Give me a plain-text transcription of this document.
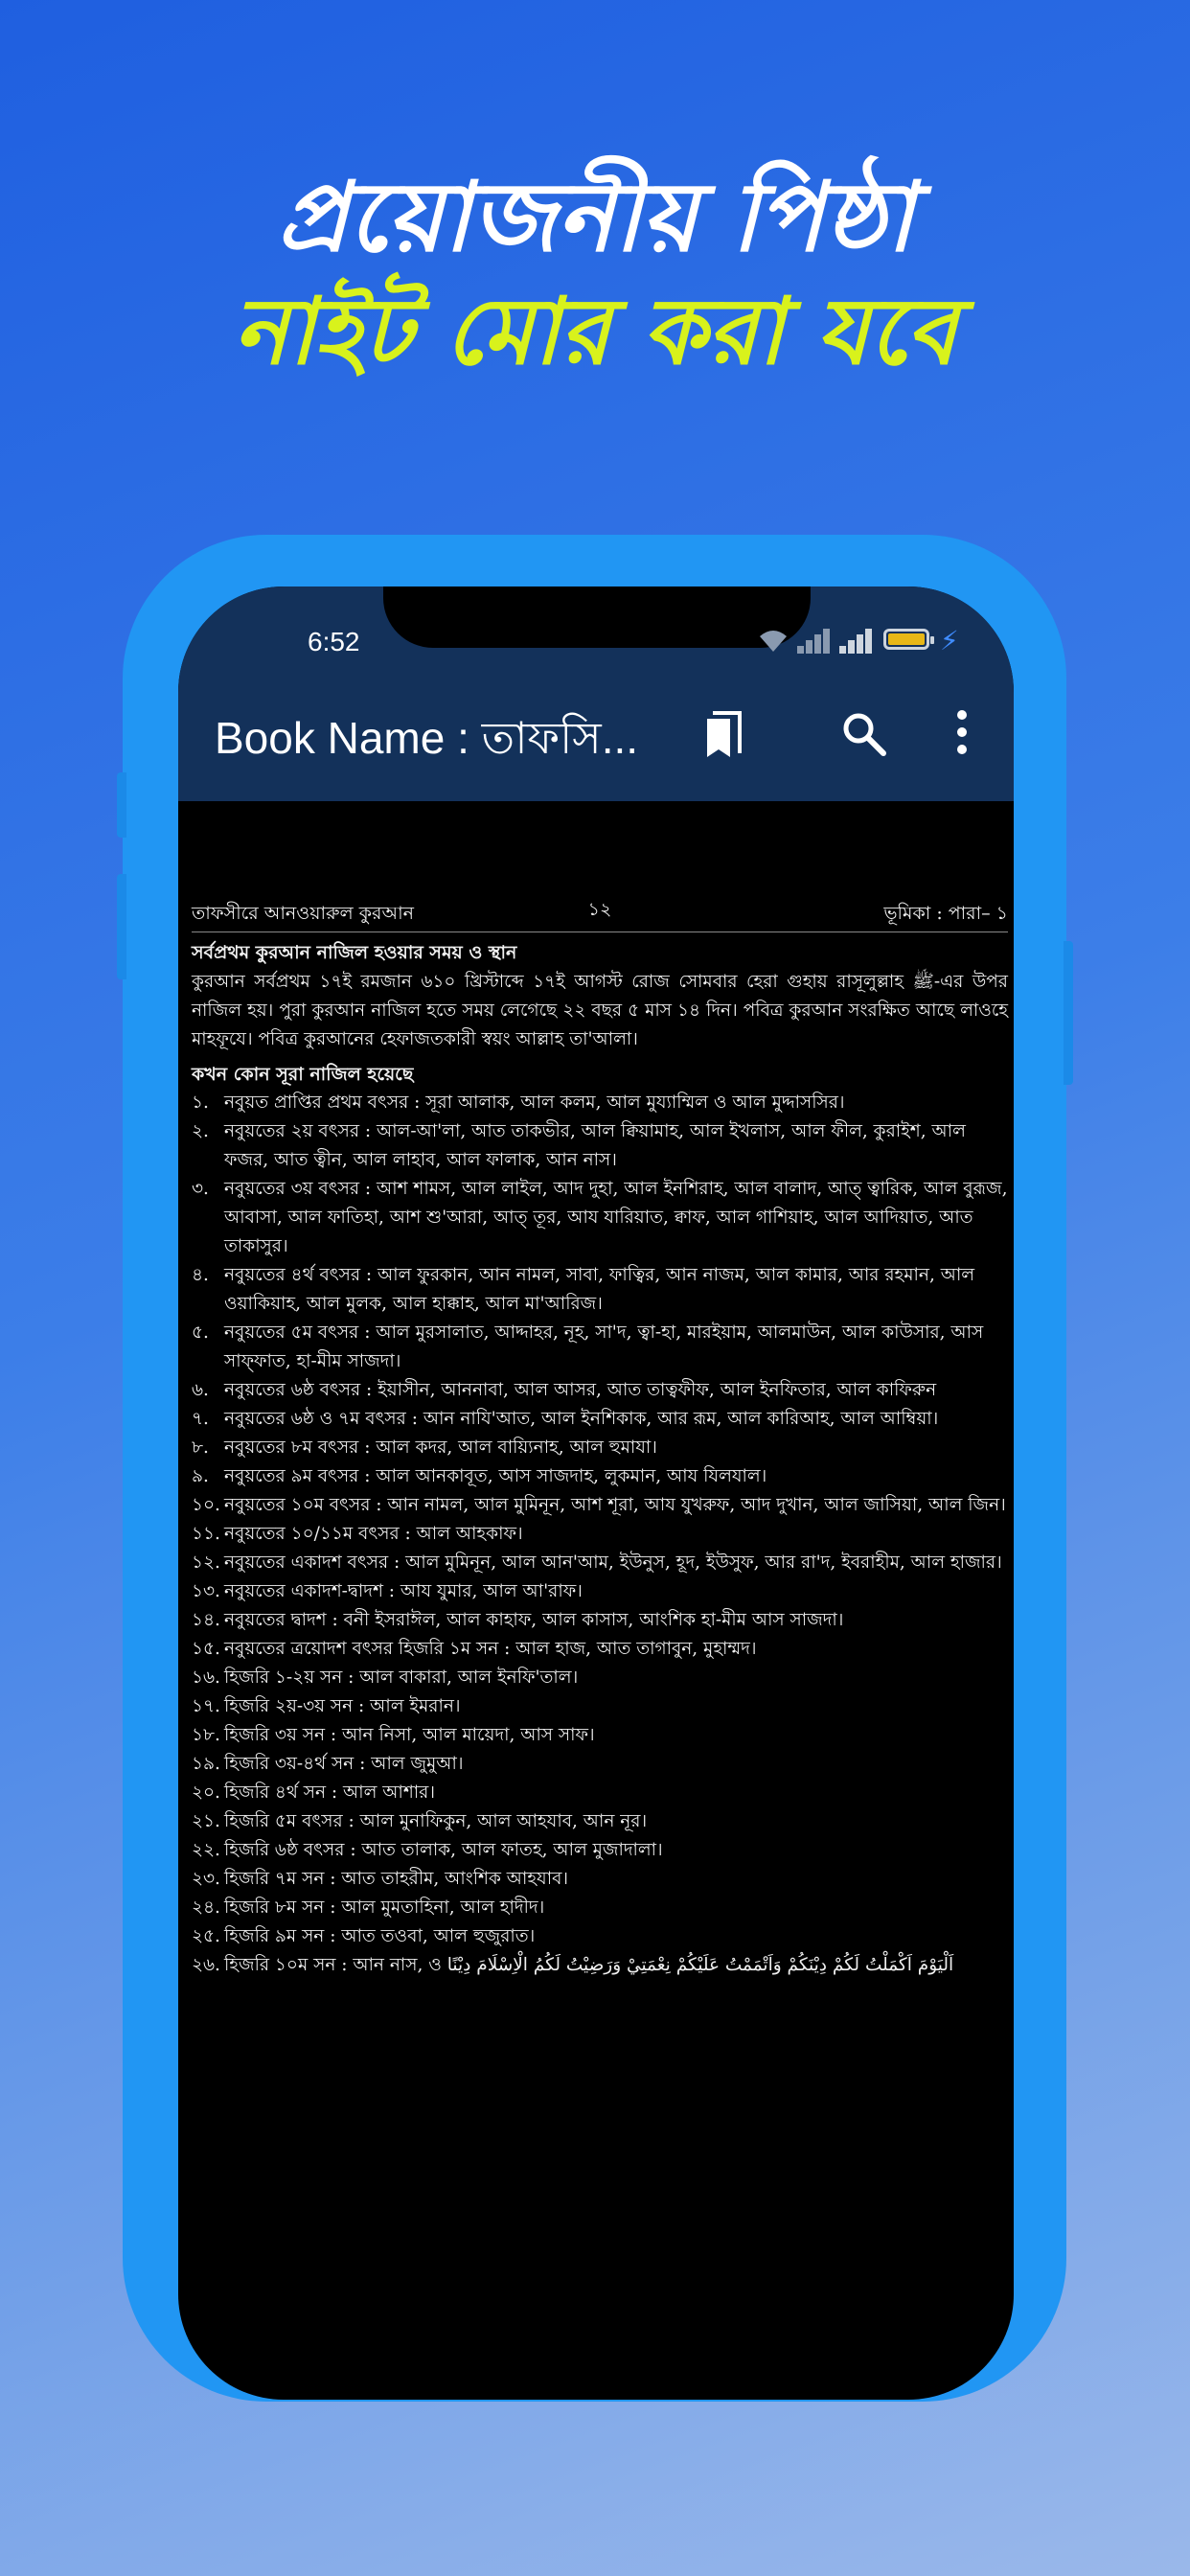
প্রয়োজনীয় পিষ্ঠা
নাইট মোর করা যবে
6:52	⚡
Book Name : তাফসি...
তাফসীরে আনওয়ারুল কুরআন	১২	ভূমিকা : পারা– ১
সর্বপ্রথম কুরআন নাজিল হওয়ার সময় ও স্থান
কুরআন সর্বপ্রথম ১৭ই রমজান ৬১০ খ্রিস্টাব্দে ১৭ই আগস্ট রোজ সোমবার হেরা গুহায় রাসূলুল্লাহ ﷺ-এর উপর নাজিল হয়। পুরা কুরআন নাজিল হতে সময় লেগেছে ২২ বছর ৫ মাস ১৪ দিন। পবিত্র কুরআন সংরক্ষিত আছে লাওহে মাহফূযে। পবিত্র কুরআনের হেফাজতকারী স্বয়ং আল্লাহ তা'আলা।
কখন কোন সূরা নাজিল হয়েছে
১. নবুয়ত প্রাপ্তির প্রথম বৎসর : সূরা আলাক, আল কলম, আল মুয্যাম্মিল ও আল মুদ্দাসসির।
২. নবুয়তের ২য় বৎসর : আল-আ'লা, আত তাকভীর, আল ক্বিয়ামাহ, আল ইখলাস, আল ফীল, কুরাইশ, আল ফজর, আত ত্বীন, আল লাহাব, আল ফালাক, আন নাস।
৩. নবুয়তের ৩য় বৎসর : আশ শামস, আল লাইল, আদ দুহা, আল ইনশিরাহ, আল বালাদ, আত্ ত্বারিক, আল বুরূজ, আবাসা, আল ফাতিহা, আশ শু'আরা, আত্ তূর, আয যারিয়াত, ক্বাফ, আল গাশিয়াহ, আল আদিয়াত, আত তাকাসুর।
৪. নবুয়তের ৪র্থ বৎসর : আল ফুরকান, আন নামল, সাবা, ফাত্বির, আন নাজম, আল কামার, আর রহমান, আল ওয়াকিয়াহ, আল মুলক, আল হাক্কাহ, আল মা'আরিজ।
৫. নবুয়তের ৫ম বৎসর : আল মুরসালাত, আদ্দাহর, নূহ, সা'দ, ত্বা-হা, মারইয়াম, আলমাউন, আল কাউসার, আস সাফ্ফাত, হা-মীম সাজদা।
৬. নবুয়তের ৬ষ্ঠ বৎসর : ইয়াসীন, আননাবা, আল আসর, আত তাত্বফীফ, আল ইনফিতার, আল কাফিরুন
৭. নবুয়তের ৬ষ্ঠ ও ৭ম বৎসর : আন নাযি'আত, আল ইনশিকাক, আর রূম, আল কারিআহ, আল আম্বিয়া।
৮. নবুয়তের ৮ম বৎসর : আল কদর, আল বায়্যিনাহ, আল হুমাযা।
৯. নবুয়তের ৯ম বৎসর : আল আনকাবূত, আস সাজদাহ, লুকমান, আয যিলযাল।
১০. নবুয়তের ১০ম বৎসর : আন নামল, আল মুমিনূন, আশ শূরা, আয যুখরুফ, আদ দুখান, আল জাসিয়া, আল জিন।
১১. নবুয়তের ১০/১১ম বৎসর : আল আহকাফ।
১২. নবুয়তের একাদশ বৎসর : আল মুমিনূন, আল আন'আম, ইউনুস, হূদ, ইউসুফ, আর রা'দ, ইবরাহীম, আল হাজার।
১৩. নবুয়তের একাদশ-দ্বাদশ : আয যুমার, আল আ'রাফ।
১৪. নবুয়তের দ্বাদশ : বনী ইসরাঈল, আল কাহাফ, আল কাসাস, আংশিক হা-মীম আস সাজদা।
১৫. নবুয়তের ত্রয়োদশ বৎসর হিজরি ১ম সন : আল হাজ, আত তাগাবুন, মুহাম্মদ।
১৬. হিজরি ১-২য় সন : আল বাকারা, আল ইনফি'তাল।
১৭. হিজরি ২য়-৩য় সন : আল ইমরান।
১৮. হিজরি ৩য় সন : আন নিসা, আল মায়েদা, আস সাফ।
১৯. হিজরি ৩য়-৪র্থ সন : আল জুমুআ।
২০. হিজরি ৪র্থ সন : আল আশার।
২১. হিজরি ৫ম বৎসর : আল মুনাফিকুন, আল আহযাব, আন নূর।
২২. হিজরি ৬ষ্ঠ বৎসর : আত তালাক, আল ফাতহ, আল মুজাদালা।
২৩. হিজরি ৭ম সন : আত তাহরীম, আংশিক আহযাব।
২৪. হিজরি ৮ম সন : আল মুমতাহিনা, আল হাদীদ।
২৫. হিজরি ৯ম সন : আত তওবা, আল হুজুরাত।
২৬. হিজরি ১০ম সন : আন নাস, ও اَلْيَوْمَ اَكْمَلْتُ لَكُمْ دِيْنَكُمْ وَاَتْمَمْتُ عَلَيْكُمْ نِعْمَتِيْ وَرَضِيْتُ لَكُمُ الْاِسْلَامَ دِيْنًا
